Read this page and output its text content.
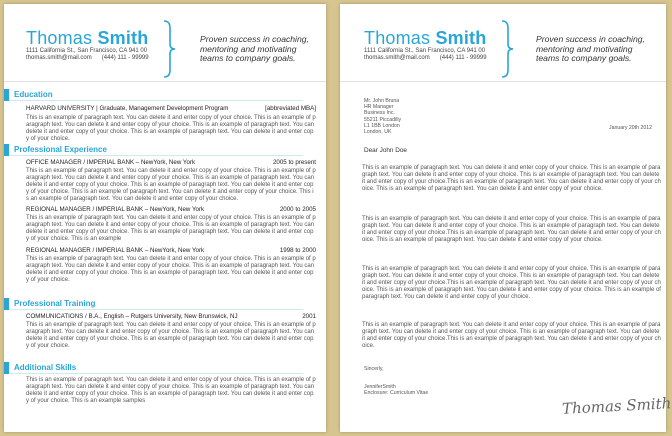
Thomas Smith
1111 California St., San Francisco, CA 941 00
thomas.smith@mail.com (444) 111 - 99999
Proven success in coaching,
mentoring and motivating
teams to company goals.
Education
HARVARD UNIVERSITY | Graduate, Management Development Program	[abbreviated MBA]
This is an example of paragraph text. You can delete it and enter copy of your choice. This is an example of paragraph text. You can delete it and enter copy of your choice. This is an example of paragraph text. You can delete it and enter copy of your choice. This is an example of paragraph text. You can delete it and enter copy of your choice.
Professional Experience
OFFICE MANAGER / IMPERIAL BANK – NewYork, New York	2005 to present
This is an example of paragraph text. You can delete it and enter copy of your choice. This is an example of paragraph text. You can delete it and enter copy of your choice. This is an example of paragraph text. You can delete it and enter copy of your choice. This is an example of paragraph text. You can delete it and enter copy of your choice. This is an example of paragraph text. You can delete it and enter copy of your choice. This is an example of paragraph text. You can delete it and enter copy of your choice.
REGIONAL MANAGER / IMPERIAL BANK – NewYork, New York	2000 to 2005
This is an example of paragraph text. You can delete it and enter copy of your choice. This is an example of paragraph text. You can delete it and enter copy of your choice. This is an example of paragraph text. You can delete it and enter copy of your choice. This is an example of paragraph text. You can delete it and enter copy of your choice. This is an example
REGIONAL MANAGER / IMPERIAL BANK – NewYork, New York	1998 to 2000
This is an example of paragraph text. You can delete it and enter copy of your choice. This is an example of paragraph text. You can delete it and enter copy of your choice. This is an example of paragraph text. You can delete it and enter copy of your choice. This is an example of paragraph text. You can delete it and enter copy of your choice.
Professional Training
COMMUNICATIONS / B.A., English – Rutgers University, New Brunswick, NJ	2001
This is an example of paragraph text. You can delete it and enter copy of your choice. This is an example of paragraph text. You can delete it and enter copy of your choice. This is an example of paragraph text. You can delete it and enter copy of your choice. This is an example of paragraph text. You can delete it and enter copy of your choice.
Additional Skills
This is an example of paragraph text. You can delete it and enter copy of your choice. This is an example of paragraph text. You can delete it and enter copy of your choice. This is an example of paragraph text. You can delete it and enter copy of your choice. This is an example of paragraph text. You can delete it and enter copy of your choice. This is an example samples
Thomas Smith
1111 California St., San Francisco, CA 941 00
thomas.smith@mail.com (444) 111 - 99999
Proven success in coaching,
mentoring and motivating
teams to company goals.
Mr. John Bruna
HR Manager
Business Inc.
55211 Piccadilly
L1 1BB London
London, UK
January 20th 2012
Dear John Doe
This is an example of paragraph text. You can delete it and enter copy of your choice. This is an example of paragraph text. You can delete it and enter copy of your choice. This is an example of paragraph text. You can delete it and enter copy of your choice.This is an example of paragraph text. You can delete it and enter copy of your choice. This is an example of paragraph text. You can delete it and enter copy of your choice.
This is an example of paragraph text. You can delete it and enter copy of your choice. This is an example of paragraph text. You can delete it and enter copy of your choice. This is an example of paragraph text. You can delete it and enter copy of your choice.This is an example of paragraph text. You can delete it and enter copy of your choice. This is an example of paragraph text. You can delete it and enter copy of your choice.
This is an example of paragraph text. You can delete it and enter copy of your choice. This is an example of paragraph text. You can delete it and enter copy of your choice. This is an example of paragraph text. You can delete it and enter copy of your choice.This is an example of paragraph text. You can delete it and enter copy of your choice. This is an example of paragraph text. You can delete it and enter copy of your choice. This is an example of paragraph text. You can delete it and enter copy of your choice.
This is an example of paragraph text. You can delete it and enter copy of your choice. This is an example of paragraph text. You can delete it and enter copy of your choice. This is an example of paragraph text. You can delete it and enter copy of your choice.This is an example of paragraph text. You can delete it and enter copy of your choice.
Sincerly,
JenniferSmith
Enclosure: Curriculum Vitae
Thomas Smith
